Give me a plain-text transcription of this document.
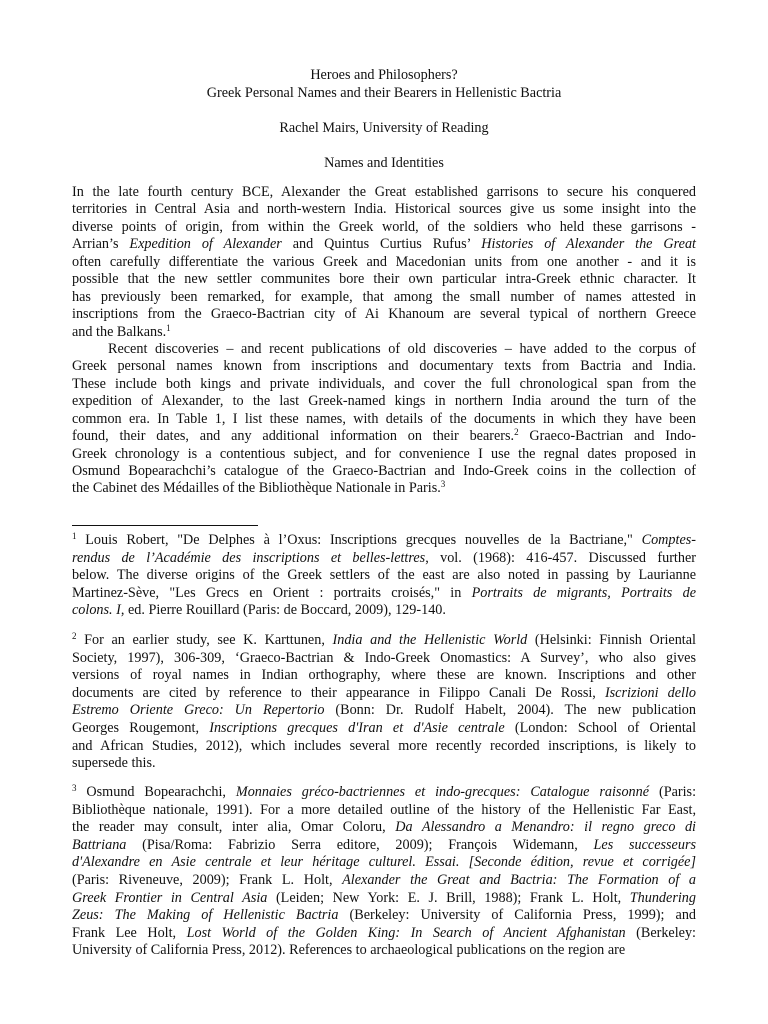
Heroes and Philosophers?
Greek Personal Names and their Bearers in Hellenistic Bactria
Rachel Mairs, University of Reading
Names and Identities
In the late fourth century BCE, Alexander the Great established garrisons to secure his conquered
territories in Central Asia and north-western India. Historical sources give us some insight into the
diverse points of origin, from within the Greek world, of the soldiers who held these garrisons -
Arrian’s Expedition of Alexander and Quintus Curtius Rufus’ Histories of Alexander the Great
often carefully differentiate the various Greek and Macedonian units from one another - and it is
possible that the new settler communites bore their own particular intra-Greek ethnic character. It
has previously been remarked, for example, that among the small number of names attested in
inscriptions from the Graeco-Bactrian city of Ai Khanoum are several typical of northern Greece
and the Balkans.$^1$
Recent discoveries – and recent publications of old discoveries – have added to the corpus of
Greek personal names known from inscriptions and documentary texts from Bactria and India.
These include both kings and private individuals, and cover the full chronological span from the
expedition of Alexander, to the last Greek-named kings in northern India around the turn of the
common era. In Table 1, I list these names, with details of the documents in which they have been
found, their dates, and any additional information on their bearers.$^2$ Graeco-Bactrian and Indo-
Greek chronology is a contentious subject, and for convenience I use the regnal dates proposed in
Osmund Bopearachchi’s catalogue of the Graeco-Bactrian and Indo-Greek coins in the collection of
the Cabinet des Médailles of the Bibliothèque Nationale in Paris.$^3$
$^1$ Louis Robert, "De Delphes à l’Oxus: Inscriptions grecques nouvelles de la Bactriane," Comptes-
rendus de l’Académie des inscriptions et belles-lettres, vol. (1968): 416-457. Discussed further
below. The diverse origins of the Greek settlers of the east are also noted in passing by Laurianne
Martinez-Sève, "Les Grecs en Orient : portraits croisés," in Portraits de migrants, Portraits de
colons. I, ed. Pierre Rouillard (Paris: de Boccard, 2009), 129-140.
$^2$ For an earlier study, see K. Karttunen, India and the Hellenistic World (Helsinki: Finnish Oriental
Society, 1997), 306-309, ‘Graeco-Bactrian & Indo-Greek Onomastics: A Survey’, who also gives
versions of royal names in Indian orthography, where these are known. Inscriptions and other
documents are cited by reference to their appearance in Filippo Canali De Rossi, Iscrizioni dello
Estremo Oriente Greco: Un Repertorio (Bonn: Dr. Rudolf Habelt, 2004). The new publication
Georges Rougemont, Inscriptions grecques d'Iran et d'Asie centrale (London: School of Oriental
and African Studies, 2012), which includes several more recently recorded inscriptions, is likely to
supersede this.
$^3$ Osmund Bopearachchi, Monnaies gréco-bactriennes et indo-grecques: Catalogue raisonné (Paris:
Bibliothèque nationale, 1991). For a more detailed outline of the history of the Hellenistic Far East,
the reader may consult, inter alia, Omar Coloru, Da Alessandro a Menandro: il regno greco di
Battriana (Pisa/Roma: Fabrizio Serra editore, 2009); François Widemann, Les successeurs
d'Alexandre en Asie centrale et leur héritage culturel. Essai. [Seconde édition, revue et corrigée]
(Paris: Riveneuve, 2009); Frank L. Holt, Alexander the Great and Bactria: The Formation of a
Greek Frontier in Central Asia (Leiden; New York: E. J. Brill, 1988); Frank L. Holt, Thundering
Zeus: The Making of Hellenistic Bactria (Berkeley: University of California Press, 1999); and
Frank Lee Holt, Lost World of the Golden King: In Search of Ancient Afghanistan (Berkeley:
University of California Press, 2012). References to archaeological publications on the region are
